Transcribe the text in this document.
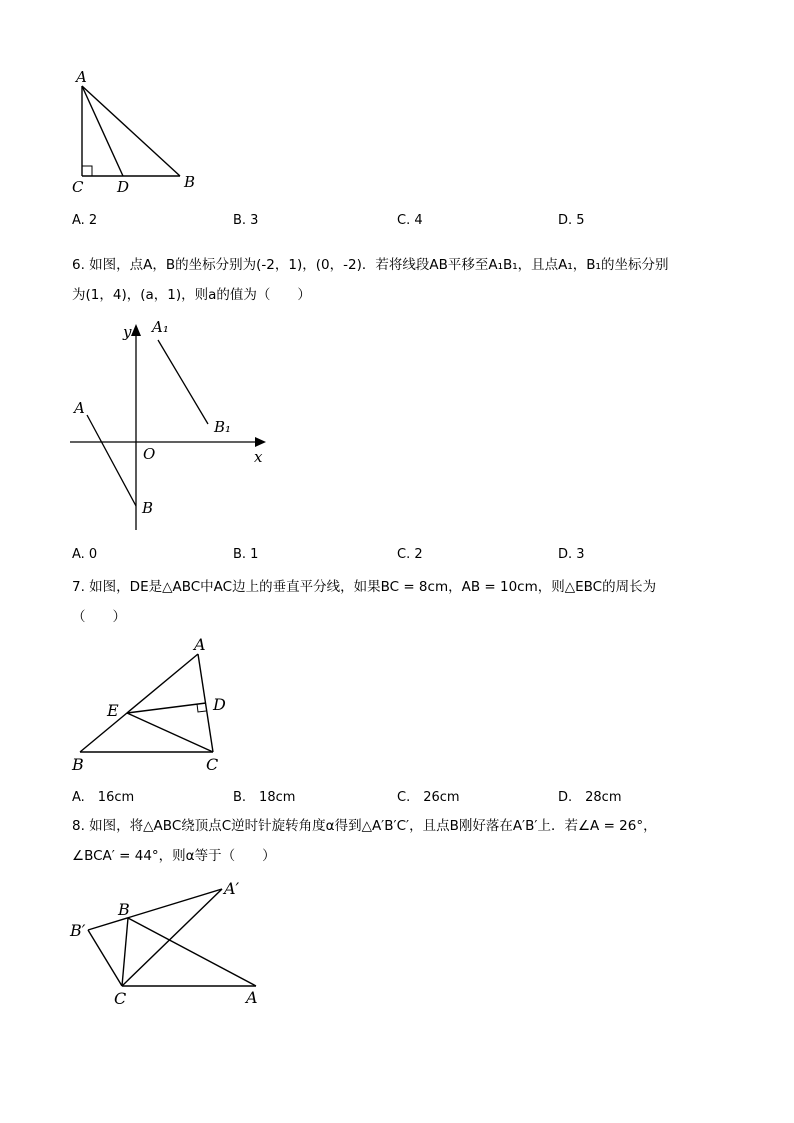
A
C D	B
A. 2	B. 3	C. 4	D. 5
6. 如图，点A，B的坐标分别为(-2，1)，(0，-2)．若将线段AB平移至A₁B₁，且点A₁，B₁的坐标分别
为(1，4)，(a，1)，则a的值为（　　）
y
x
O
A
B
A₁
B₁
A. 0	B. 1	C. 2	D. 3
7. 如图，DE是△ABC中AC边上的垂直平分线，如果BC = 8cm，AB = 10cm，则△EBC的周长为
（　　）
A
D
E
B	C
A.　16cm	B.　18cm	C.　26cm	D.　28cm
8. 如图，将△ABC绕顶点C逆时针旋转角度α得到△A′B′C′，且点B刚好落在A′B′上．若∠A = 26°，
∠BCA′ = 44°，则α等于（　　）
A′
B
B′
C	A
